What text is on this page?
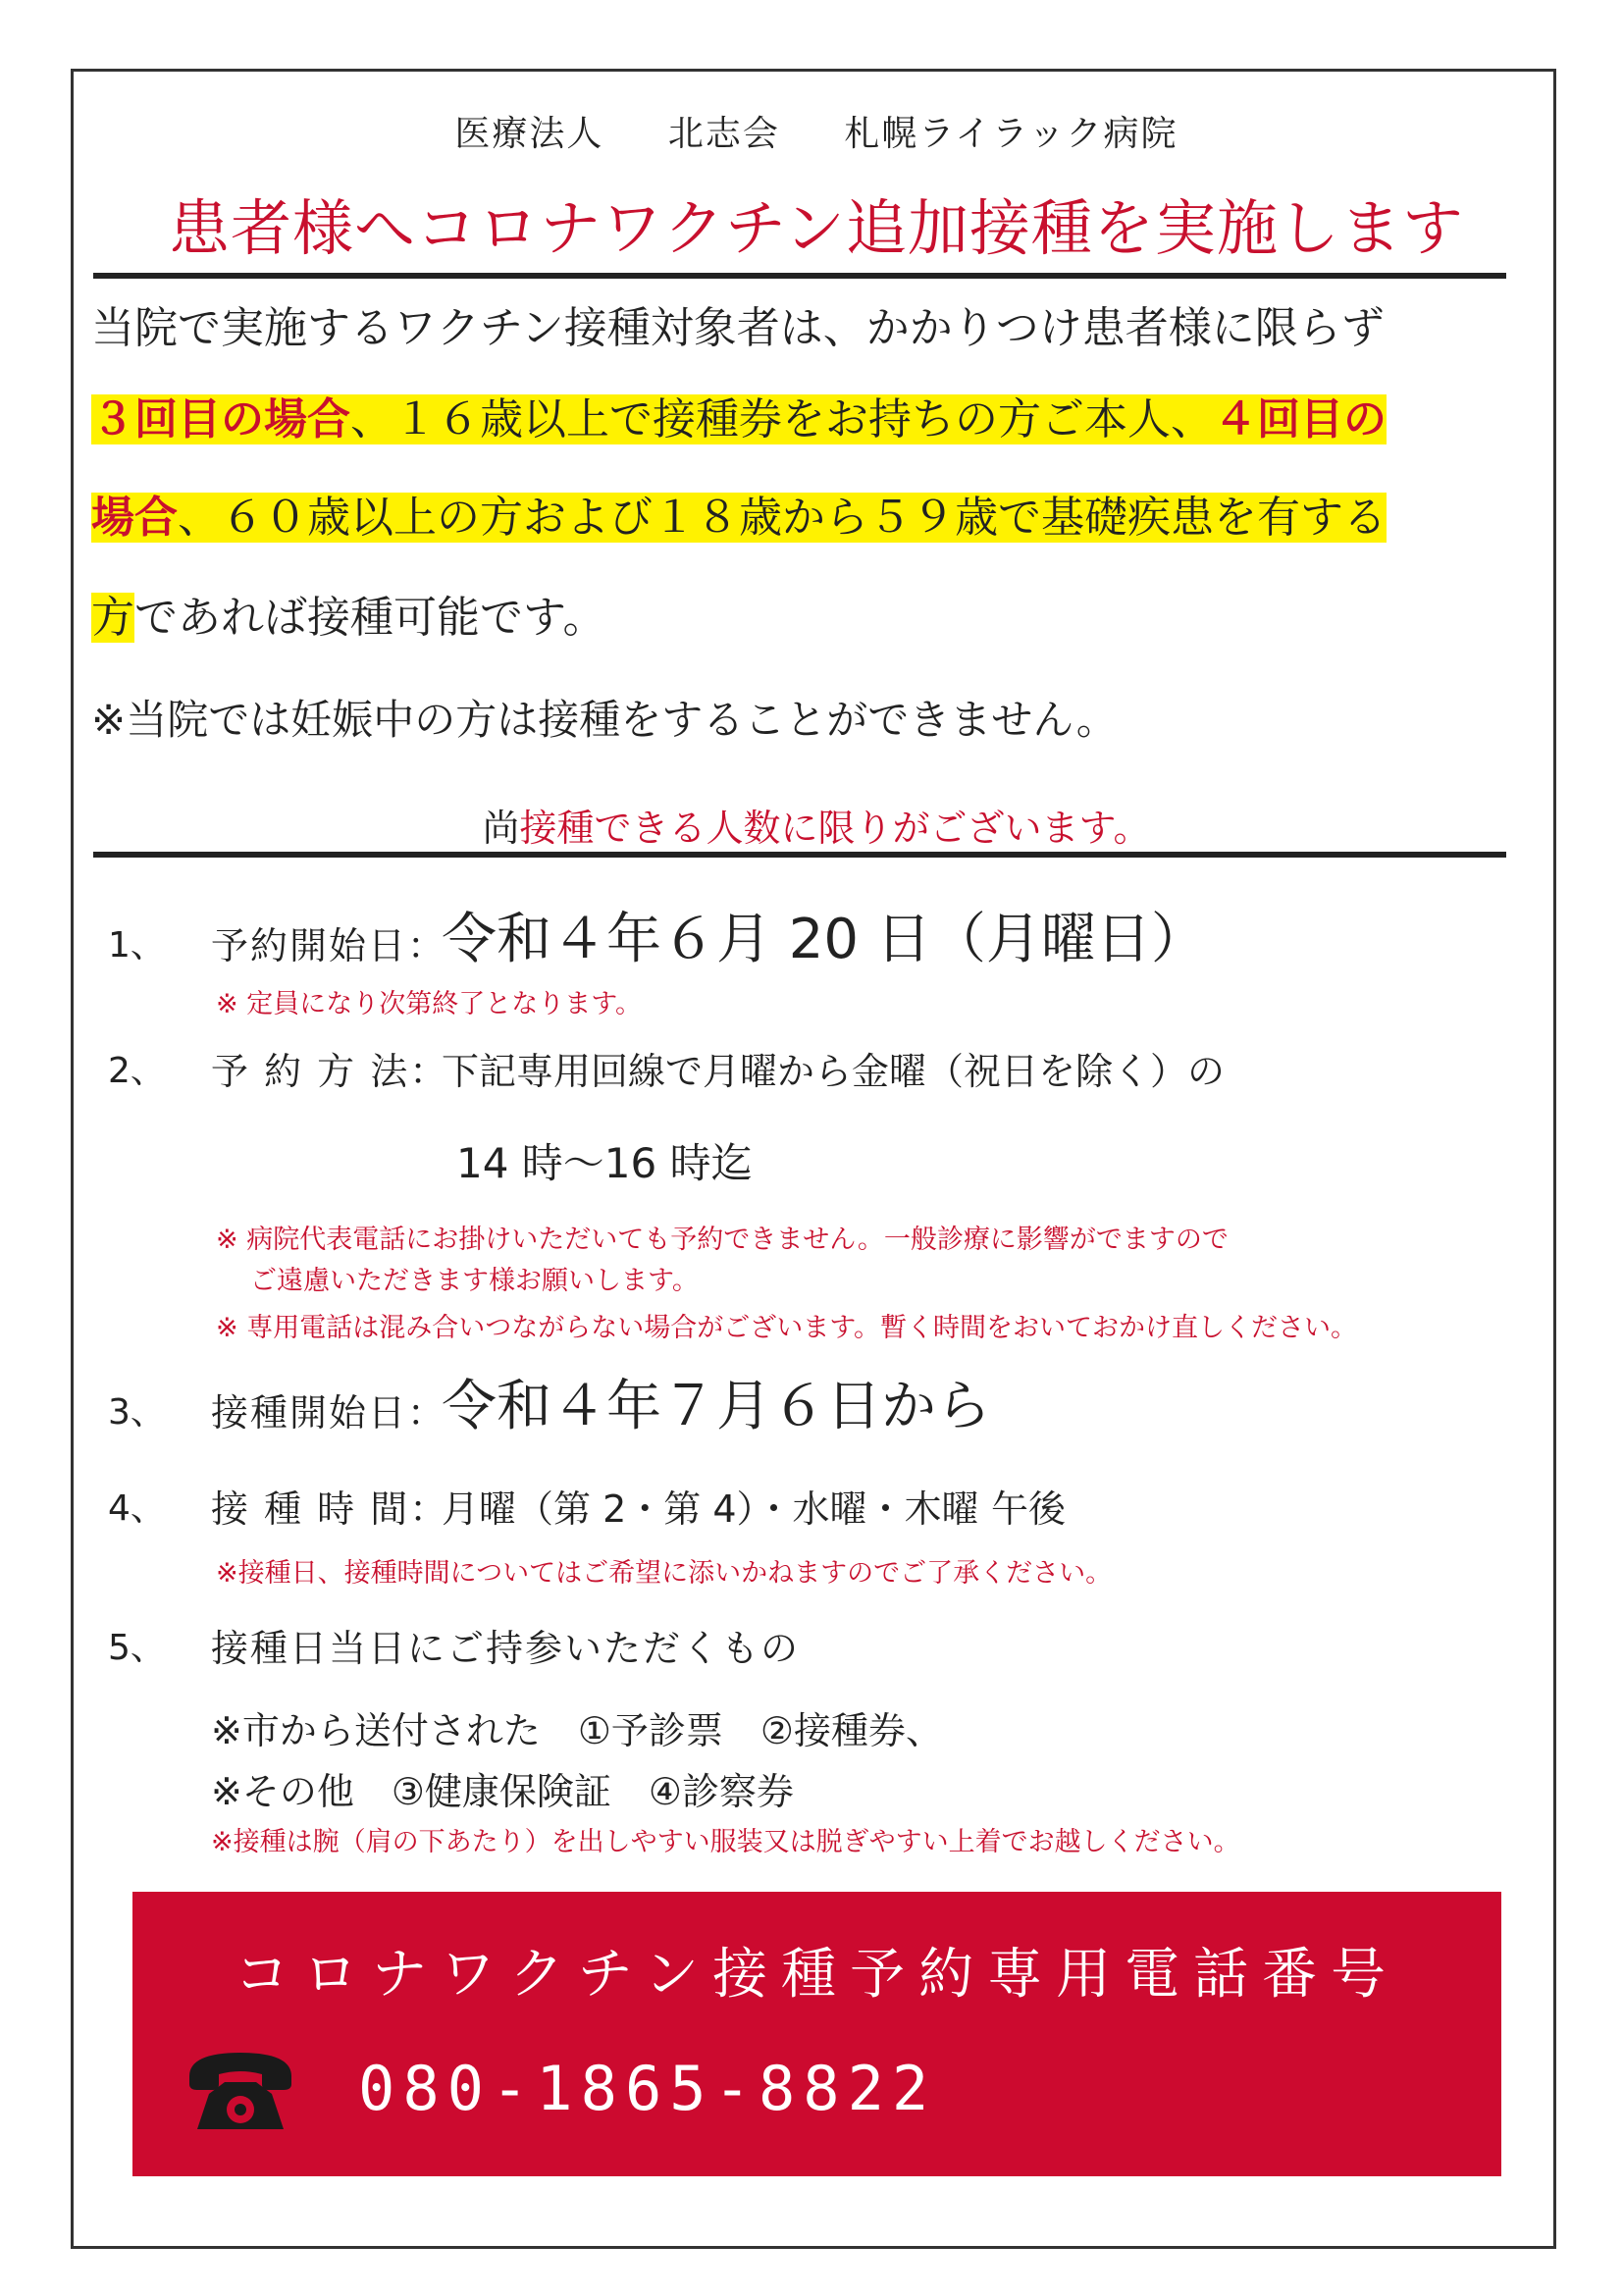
医療法人 北志会 札幌ライラック病院
患者様へコロナワクチン追加接種を実施します
当院で実施するワクチン接種対象者は、かかりつけ患者様に限らず
３回目の場合、１６歳以上で接種券をお持ちの方ご本人、４回目の
場合、６０歳以上の方および１８歳から５９歳で基礎疾患を有する
方であれば接種可能です。
※当院では妊娠中の方は接種をすることができません。
尚接種できる人数に限りがございます。
1、 予約開始日：
令和４年６月 20 日（月曜日）
※ 定員になり次第終了となります。
2、 予 約 方 法：
下記専用回線で月曜から金曜（祝日を除く）の
14 時～16 時迄
※ 病院代表電話にお掛けいただいても予約できません。一般診療に影響がでますので
ご遠慮いただきます様お願いします。
※ 専用電話は混み合いつながらない場合がございます。暫く時間をおいておかけ直しください。
3、 接種開始日：
令和４年７月６日から
4、 接 種 時 間：
月曜（第 2・第 4）・水曜・木曜 午後
※接種日、接種時間についてはご希望に添いかねますのでご了承ください。
5、 接種日当日にご持参いただくもの
※市から送付された　①予診票　②接種券、
※その他　③健康保険証　④診察券
※接種は腕（肩の下あたり）を出しやすい服装又は脱ぎやすい上着でお越しください。
コロナワクチン接種予約専用電話番号
080-1865-8822
